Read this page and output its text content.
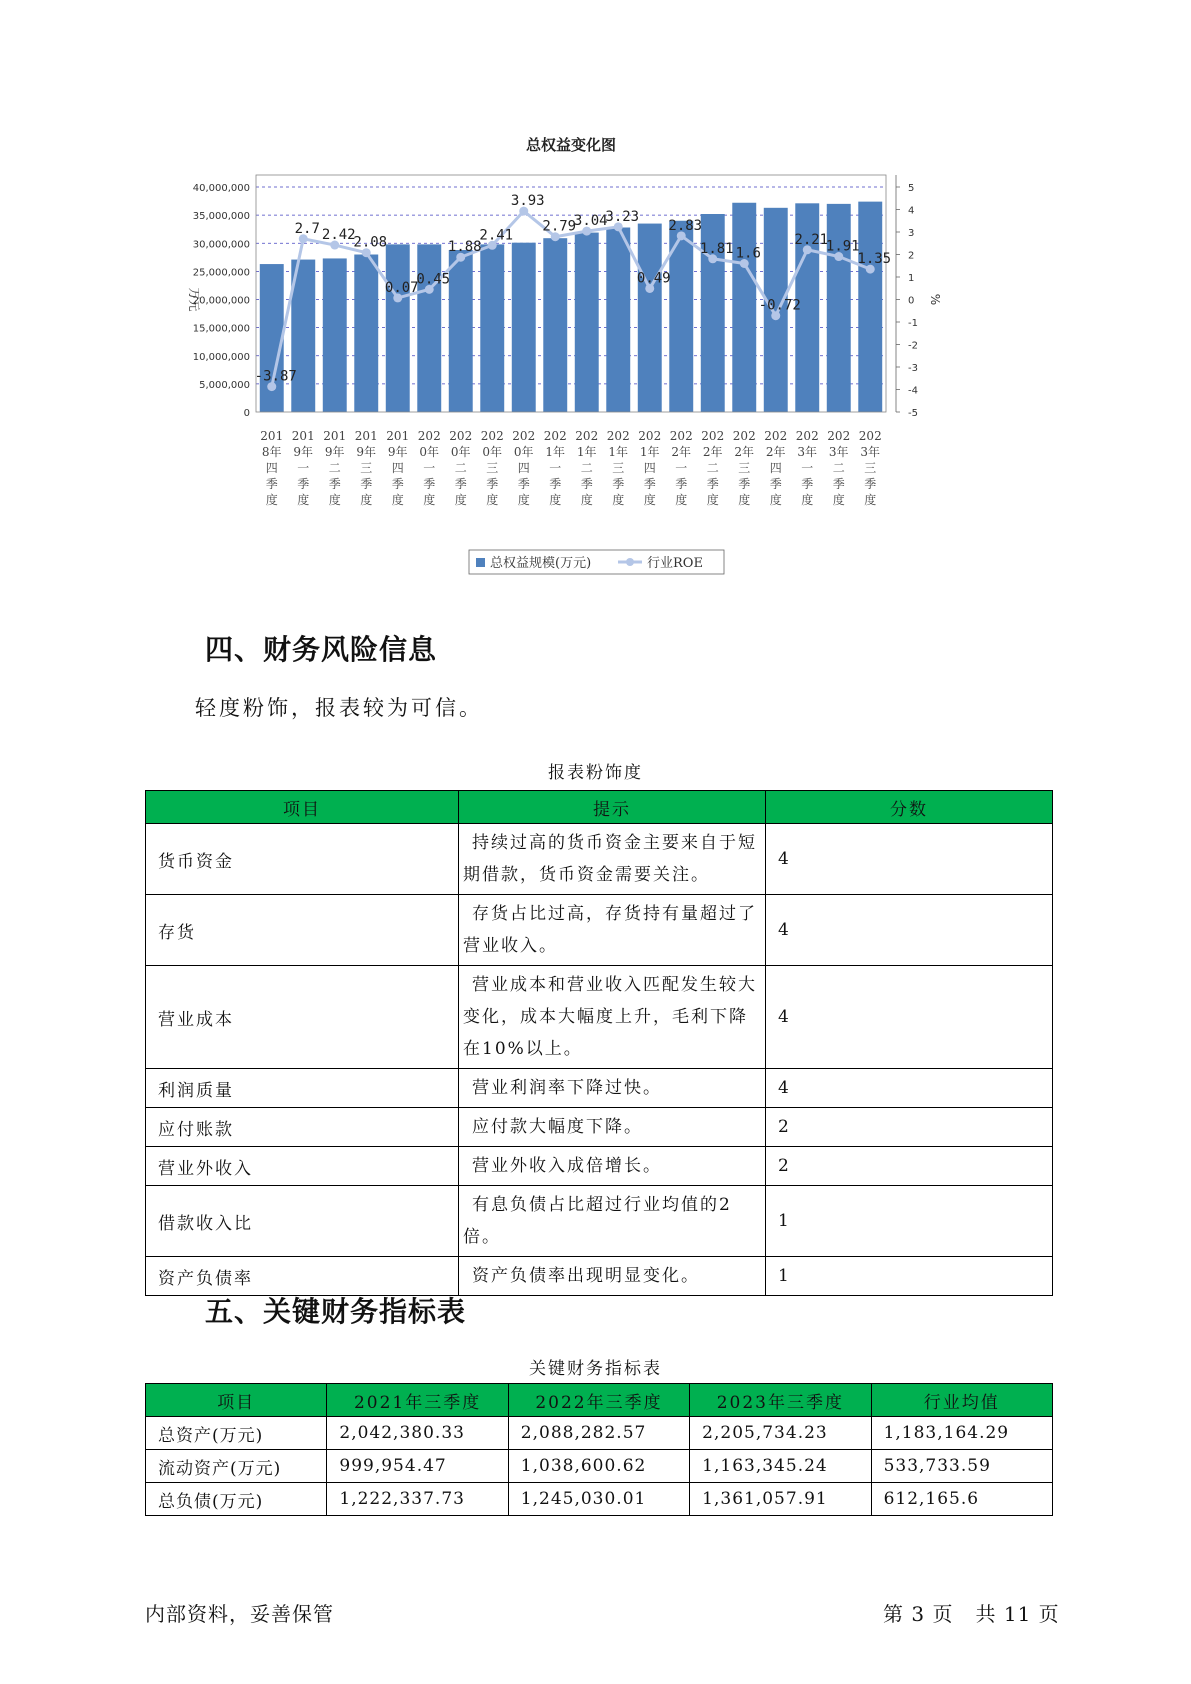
总权益变化图
0
5,000,000
10,000,000
15,000,000
20,000,000
25,000,000
30,000,000
35,000,000
40,000,000
-5
-4
-3
-2
-1
0
1
2
3
4
5
万元	%
-3.87
2.7 2.42
2.08
0.07
0.45
1.88
2.41
3.93
2.79
3.04
3.23
0.49
2.83
1.81 1.6
-0.72
2.21
1.91
1.35
201
8年
四
季
度
201
9年
一
季
度
201
9年
二
季
度
201
9年
三
季
度
201
9年
四
季
度
202
0年
一
季
度
202
0年
二
季
度
202
0年
三
季
度
202
0年
四
季
度
202
1年
一
季
度
202
1年
二
季
度
202
1年
三
季
度
202
1年
四
季
度
202
2年
一
季
度
202
2年
二
季
度
202
2年
三
季
度
202
2年
四
季
度
202
3年
一
季
度
202
3年
二
季
度
202
3年
三
季
度
总权益规模(万元)	行业ROE
四、财务风险信息
轻度粉饰，报表较为可信。
报表粉饰度
项目	提示	分数
货币资金	持续过高的货币资金主要来自于短期借款，货币资金需要关注。	4
存货	存货占比过高，存货持有量超过了营业收入。	4
营业成本	营业成本和营业收入匹配发生较大变化，成本大幅度上升，毛利下降在10%以上。	4
利润质量	营业利润率下降过快。	4
应付账款	应付款大幅度下降。	2
营业外收入	营业外收入成倍增长。	2
借款收入比	有息负债占比超过行业均值的2倍。	1
资产负债率	资产负债率出现明显变化。	1
五、关键财务指标表
关键财务指标表
项目	2021年三季度	2022年三季度	2023年三季度	行业均值
总资产(万元)	2,042,380.33	2,088,282.57	2,205,734.23	1,183,164.29
流动资产(万元)	999,954.47	1,038,600.62	1,163,345.24	533,733.59
总负债(万元)	1,222,337.73	1,245,030.01	1,361,057.91	612,165.6
内部资料，妥善保管	第 3 页   共 11 页
